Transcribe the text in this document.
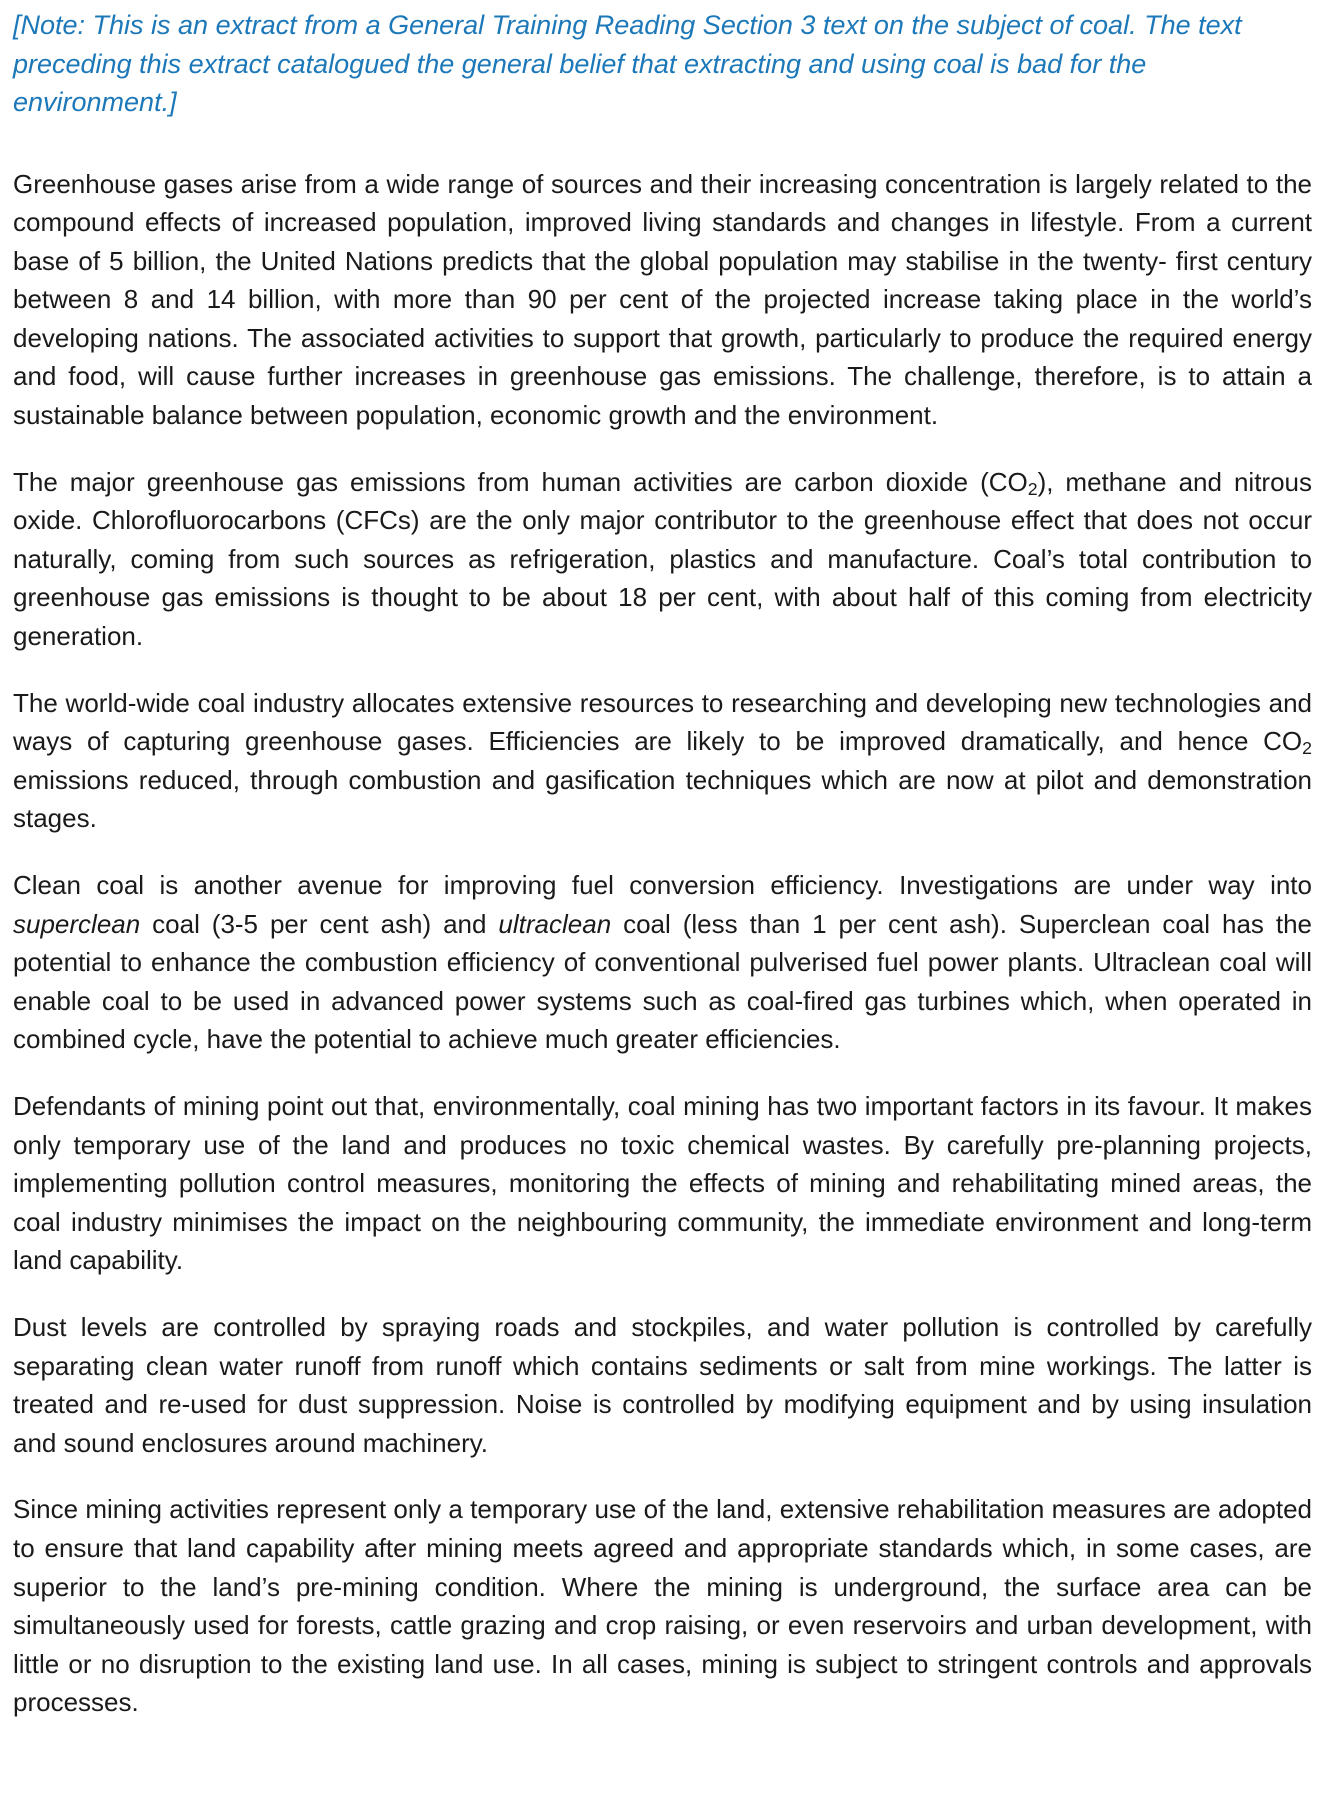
[Note: This is an extract from a General Training Reading Section 3 text on the subject of coal. The text preceding this extract catalogued the general belief that extracting and using coal is bad for the environment.]

Greenhouse gases arise from a wide range of sources and their increasing concentration is largely related to the compound effects of increased population, improved living standards and changes in lifestyle. From a current base of 5 billion, the United Nations predicts that the global population may stabilise in the twenty- first century between 8 and 14 billion, with more than 90 per cent of the projected increase taking place in the world’s developing nations. The associated activities to support that growth, particularly to produce the required energy and food, will cause further increases in greenhouse gas emissions. The challenge, therefore, is to attain a sustainable balance between population, economic growth and the environment.

The major greenhouse gas emissions from human activities are carbon dioxide $(CO_2)$, methane and nitrous oxide. Chlorofluorocarbons (CFCs) are the only major contributor to the greenhouse effect that does not occur naturally, coming from such sources as refrigeration, plastics and manufacture. Coal’s total contribution to greenhouse gas emissions is thought to be about 18 per cent, with about half of this coming from electricity generation.

The world-wide coal industry allocates extensive resources to researching and developing new technologies and ways of capturing greenhouse gases. Efficiencies are likely to be improved dramatically, and hence $CO_2$ emissions reduced, through combustion and gasification techniques which are now at pilot and demonstration stages.

Clean coal is another avenue for improving fuel conversion efficiency. Investigations are under way into superclean coal (3-5 per cent ash) and ultraclean coal (less than 1 per cent ash). Superclean coal has the potential to enhance the combustion efficiency of conventional pulverised fuel power plants. Ultraclean coal will enable coal to be used in advanced power systems such as coal-fired gas turbines which, when operated in combined cycle, have the potential to achieve much greater efficiencies.

Defendants of mining point out that, environmentally, coal mining has two important factors in its favour. It makes only temporary use of the land and produces no toxic chemical wastes. By carefully pre-planning projects, implementing pollution control measures, monitoring the effects of mining and rehabilitating mined areas, the coal industry minimises the impact on the neighbouring community, the immediate environment and long-term land capability.

Dust levels are controlled by spraying roads and stockpiles, and water pollution is controlled by carefully separating clean water runoff from runoff which contains sediments or salt from mine workings. The latter is treated and re-used for dust suppression. Noise is controlled by modifying equipment and by using insulation and sound enclosures around machinery.

Since mining activities represent only a temporary use of the land, extensive rehabilitation measures are adopted to ensure that land capability after mining meets agreed and appropriate standards which, in some cases, are superior to the land’s pre-mining condition. Where the mining is underground, the surface area can be simultaneously used for forests, cattle grazing and crop raising, or even reservoirs and urban development, with little or no disruption to the existing land use. In all cases, mining is subject to stringent controls and approvals processes.
